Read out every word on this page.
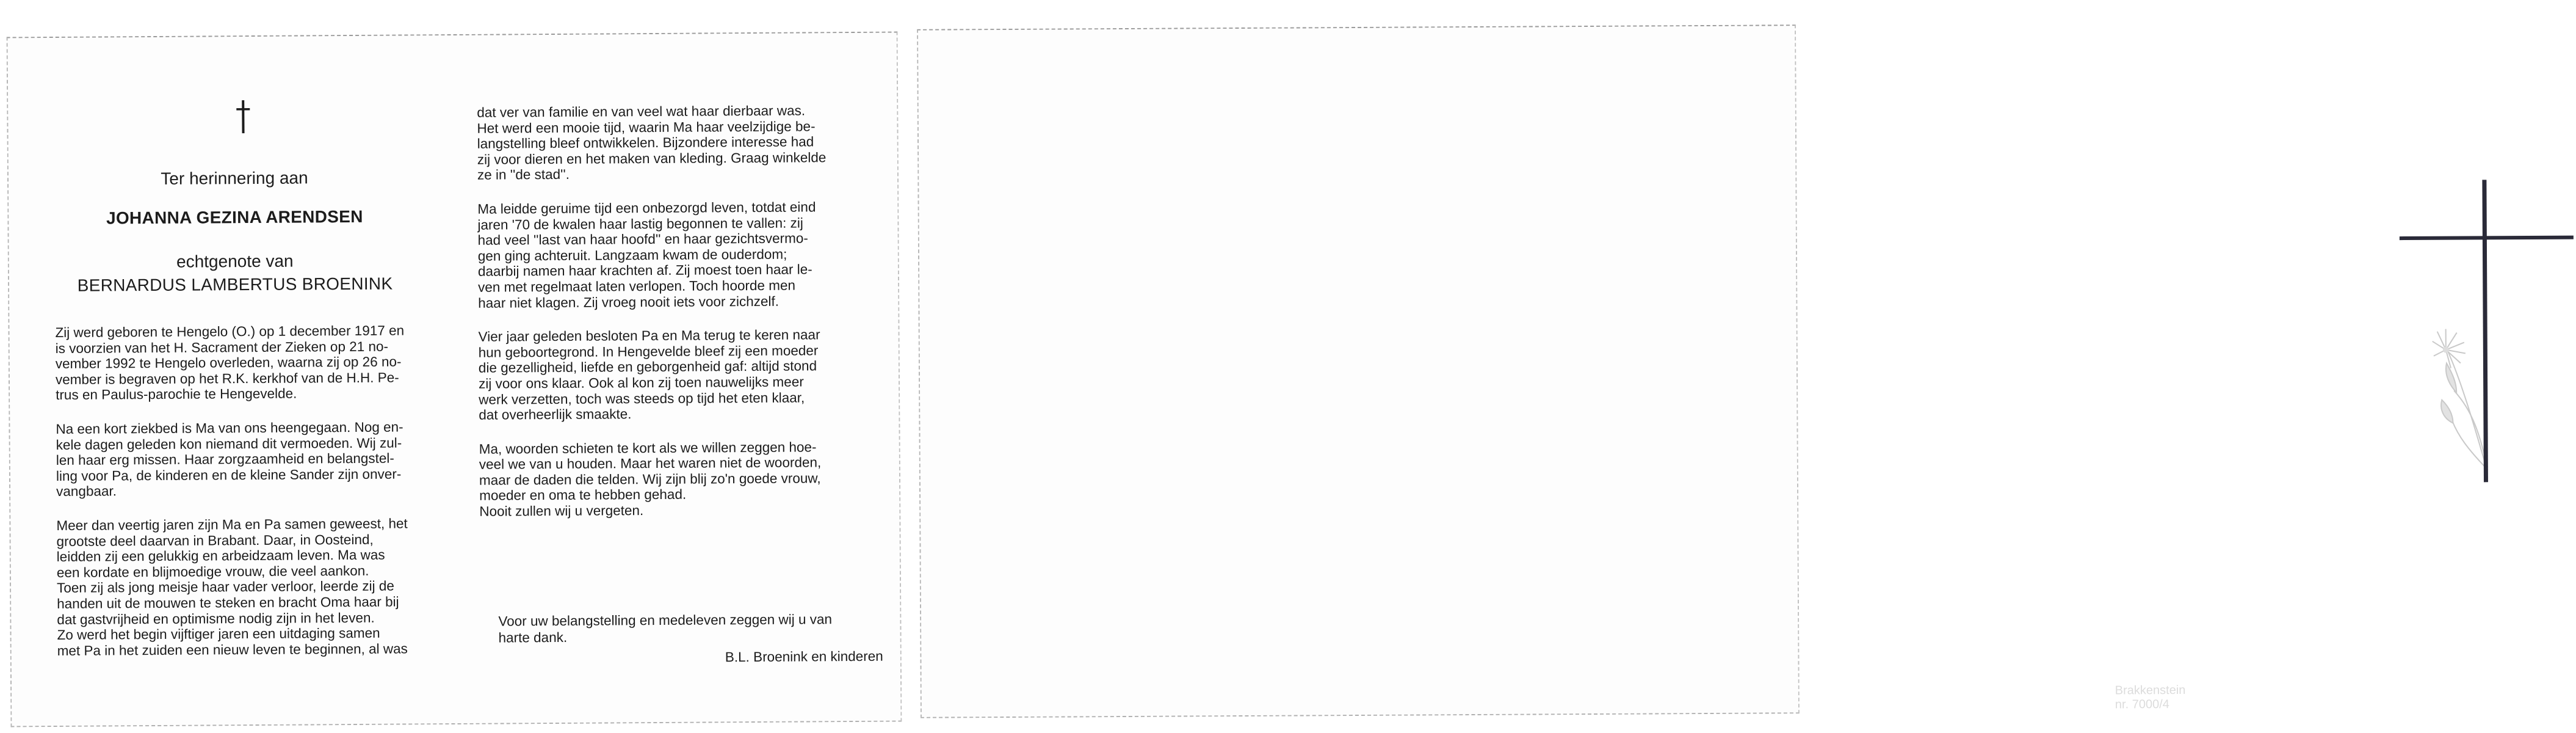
Ter herinnering aan
JOHANNA GEZINA ARENDSEN
echtgenote van
BERNARDUS LAMBERTUS BROENINK

Zij werd geboren te Hengelo (O.) op 1 december 1917 en
is voorzien van het H. Sacrament der Zieken op 21 no-
vember 1992 te Hengelo overleden, waarna zij op 26 no-
vember is begraven op het R.K. kerkhof van de H.H. Pe-
trus en Paulus-parochie te Hengevelde.

Na een kort ziekbed is Ma van ons heengegaan. Nog en-
kele dagen geleden kon niemand dit vermoeden. Wij zul-
len haar erg missen. Haar zorgzaamheid en belangstel-
ling voor Pa, de kinderen en de kleine Sander zijn onver-
vangbaar.

Meer dan veertig jaren zijn Ma en Pa samen geweest, het
grootste deel daarvan in Brabant. Daar, in Oosteind,
leidden zij een gelukkig en arbeidzaam leven. Ma was
een kordate en blijmoedige vrouw, die veel aankon.
Toen zij als jong meisje haar vader verloor, leerde zij de
handen uit de mouwen te steken en bracht Oma haar bij
dat gastvrijheid en optimisme nodig zijn in het leven.
Zo werd het begin vijftiger jaren een uitdaging samen
met Pa in het zuiden een nieuw leven te beginnen, al was

dat ver van familie en van veel wat haar dierbaar was.
Het werd een mooie tijd, waarin Ma haar veelzijdige be-
langstelling bleef ontwikkelen. Bijzondere interesse had
zij voor dieren en het maken van kleding. Graag winkelde
ze in ''de stad''.

Ma leidde geruime tijd een onbezorgd leven, totdat eind
jaren '70 de kwalen haar lastig begonnen te vallen: zij
had veel ''last van haar hoofd'' en haar gezichtsvermo-
gen ging achteruit. Langzaam kwam de ouderdom;
daarbij namen haar krachten af. Zij moest toen haar le-
ven met regelmaat laten verlopen. Toch hoorde men
haar niet klagen. Zij vroeg nooit iets voor zichzelf.

Vier jaar geleden besloten Pa en Ma terug te keren naar
hun geboortegrond. In Hengevelde bleef zij een moeder
die gezelligheid, liefde en geborgenheid gaf: altijd stond
zij voor ons klaar. Ook al kon zij toen nauwelijks meer
werk verzetten, toch was steeds op tijd het eten klaar,
dat overheerlijk smaakte.

Ma, woorden schieten te kort als we willen zeggen hoe-
veel we van u houden. Maar het waren niet de woorden,
maar de daden die telden. Wij zijn blij zo'n goede vrouw,
moeder en oma te hebben gehad.
Nooit zullen wij u vergeten.

Voor uw belangstelling en medeleven zeggen wij u van
harte dank.
B.L. Broenink en kinderen
Brakkenstein nr. 7000/4
